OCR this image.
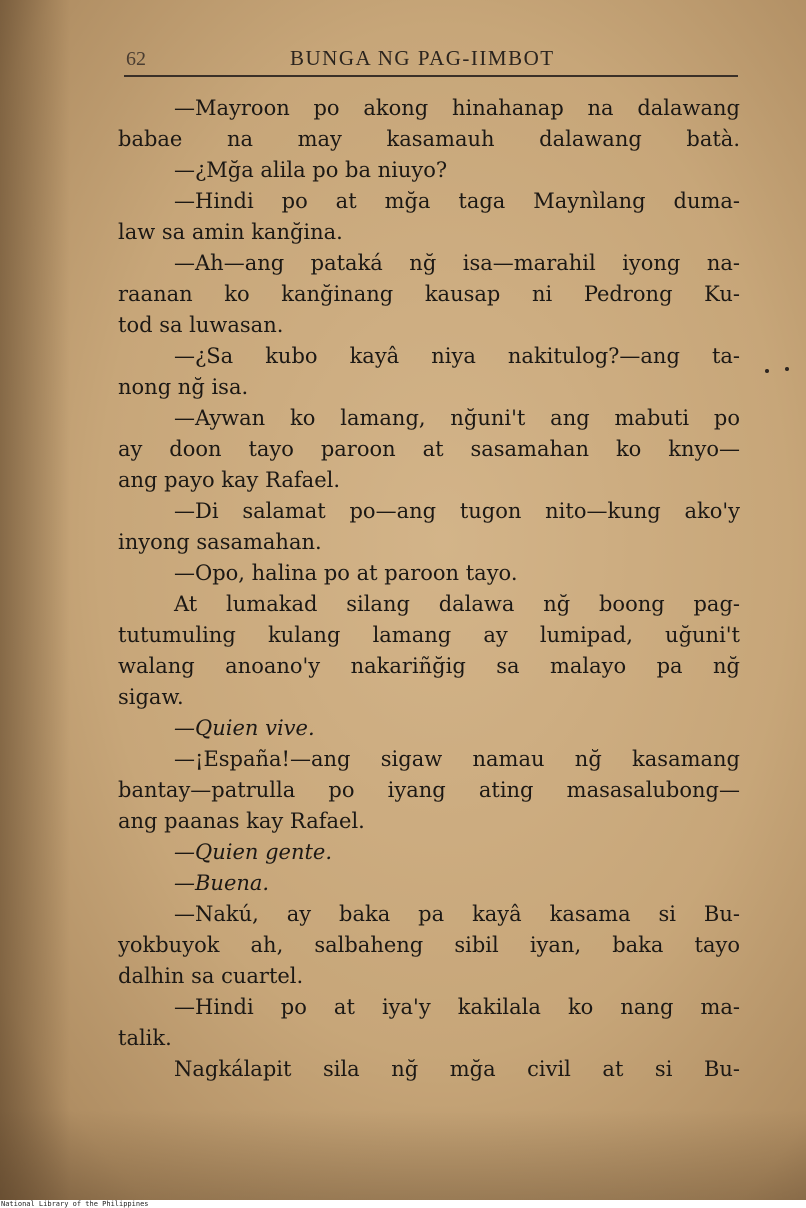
62	BUNGA NG PAG-IIMBOT
—Mayroon po akong hinahanap na dalawang
babae na may kasamauh dalawang batà.
—¿Mğa alila po ba niuyo?
—Hindi po at mğa taga Maynìlang duma-
law sa amin kanğina.
—Ah—ang pataká nğ isa—marahil iyong na-
raanan ko kanğinang kausap ni Pedrong Ku-
tod sa luwasan.
—¿Sa kubo kayâ niya nakitulog?—ang ta-
nong nğ isa.
—Aywan ko lamang, nğuni't ang mabuti po
ay doon tayo paroon at sasamahan ko knyo—
ang payo kay Rafael.
—Di salamat po—ang tugon nito—kung ako'y
inyong sasamahan.
—Opo, halina po at paroon tayo.
At lumakad silang dalawa nğ boong pag-
tutumuling kulang lamang ay lumipad, uğuni't
walang anoano'y nakariñğig sa malayo pa nğ
sigaw.
—Quien vive.
—¡España!—ang sigaw namau nğ kasamang
bantay—patrulla po iyang ating masasalubong—
ang paanas kay Rafael.
—Quien gente.
—Buena.
—Nakú, ay baka pa kayâ kasama si Bu-
yokbuyok ah, salbaheng sibil iyan, baka tayo
dalhin sa cuartel.
—Hindi po at iya'y kakilala ko nang ma-
talik.
Nagkálapit sila nğ mğa civil at si Bu-
National Library of the Philippines
